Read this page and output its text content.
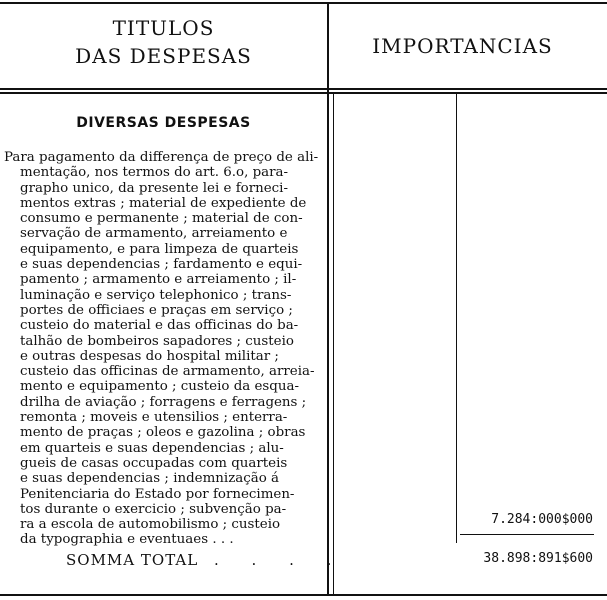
TITULOS
DAS DESPESAS	IMPORTANCIAS
DIVERSAS DESPESAS
Para pagamento da differença de preço de ali-
mentação, nos termos do art. 6.o, para-
grapho unico, da presente lei e forneci-
mentos extras ; material de expediente de
consumo e permanente ; material de con-
servação de armamento, arreiamento e
equipamento, e para limpeza de quarteis
e suas dependencias ; fardamento e equi-
pamento ; armamento e arreiamento ; il-
luminação e serviço telephonico ; trans-
portes de officiaes e praças em serviço ;
custeio do material e das officinas do ba-
talhão de bombeiros sapadores ; custeio
e outras despesas do hospital militar ;
custeio das officinas de armamento, arreia-
mento e equipamento ; custeio da esqua-
drilha de aviação ; forragens e ferragens ;
remonta ; moveis e utensilios ; enterra-
mento de praças ; oleos e gazolina ; obras
em quarteis e suas dependencias ; alu-
gueis de casas occupadas com quarteis
e suas dependencias ; indemnização á
Penitenciaria do Estado por fornecimen-
tos durante o exercicio ; subvenção pa-
ra a escola de automobilismo ; custeio
da typographia e eventuaes . . .
7.284:000$000
SOMMA TOTAL . . . .	38.898:891$600
